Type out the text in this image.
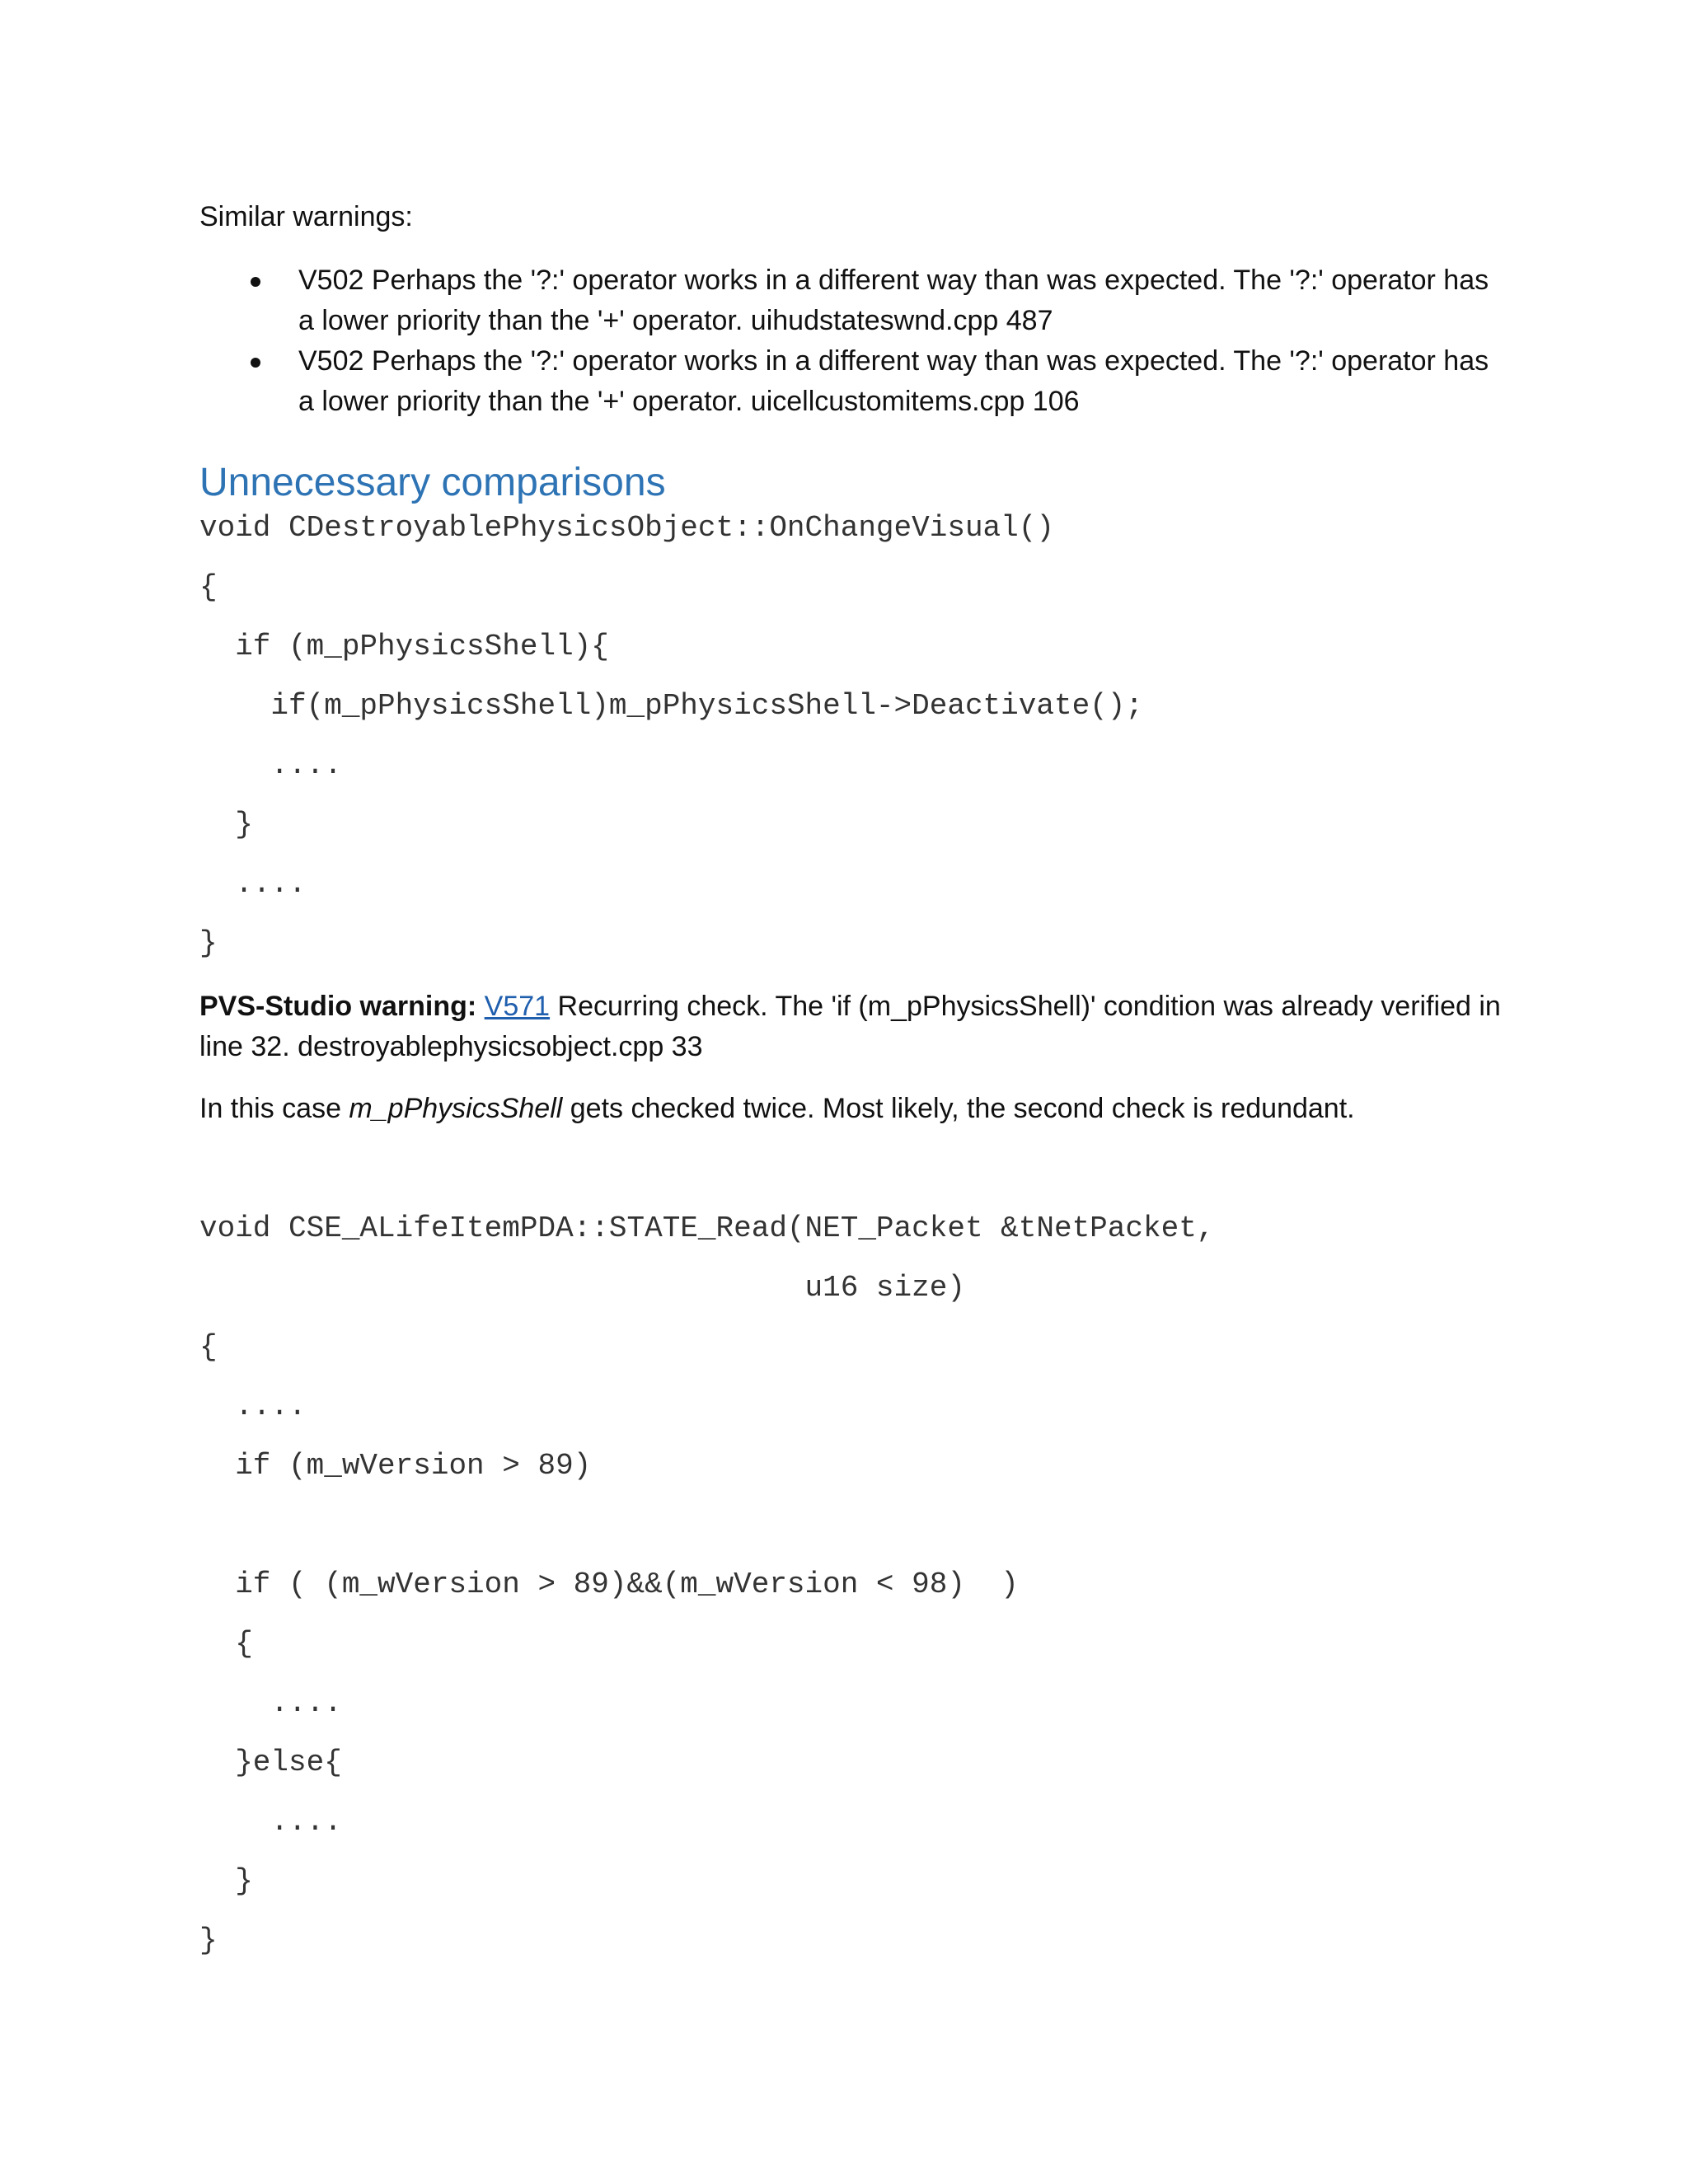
Similar warnings:

V502 Perhaps the '?:' operator works in a different way than was expected. The '?:' operator has
a lower priority than the '+' operator. uihudstateswnd.cpp 487
V502 Perhaps the '?:' operator works in a different way than was expected. The '?:' operator has
a lower priority than the '+' operator. uicellcustomitems.cpp 106
Unnecessary comparisons
void CDestroyablePhysicsObject::OnChangeVisual()
{
if (m_pPhysicsShell){
if(m_pPhysicsShell)m_pPhysicsShell->Deactivate();
....
}
....
}
PVS-Studio warning: V571 Recurring check. The 'if (m_pPhysicsShell)' condition was already verified in
line 32. destroyablephysicsobject.cpp 33

In this case m_pPhysicsShell gets checked twice. Most likely, the second check is redundant.

void CSE_ALifeItemPDA::STATE_Read(NET_Packet &tNetPacket,
u16 size)
{
....
if (m_wVersion > 89)
if ( (m_wVersion > 89)&&(m_wVersion < 98)  )
{
....
}else{
....
}
}
